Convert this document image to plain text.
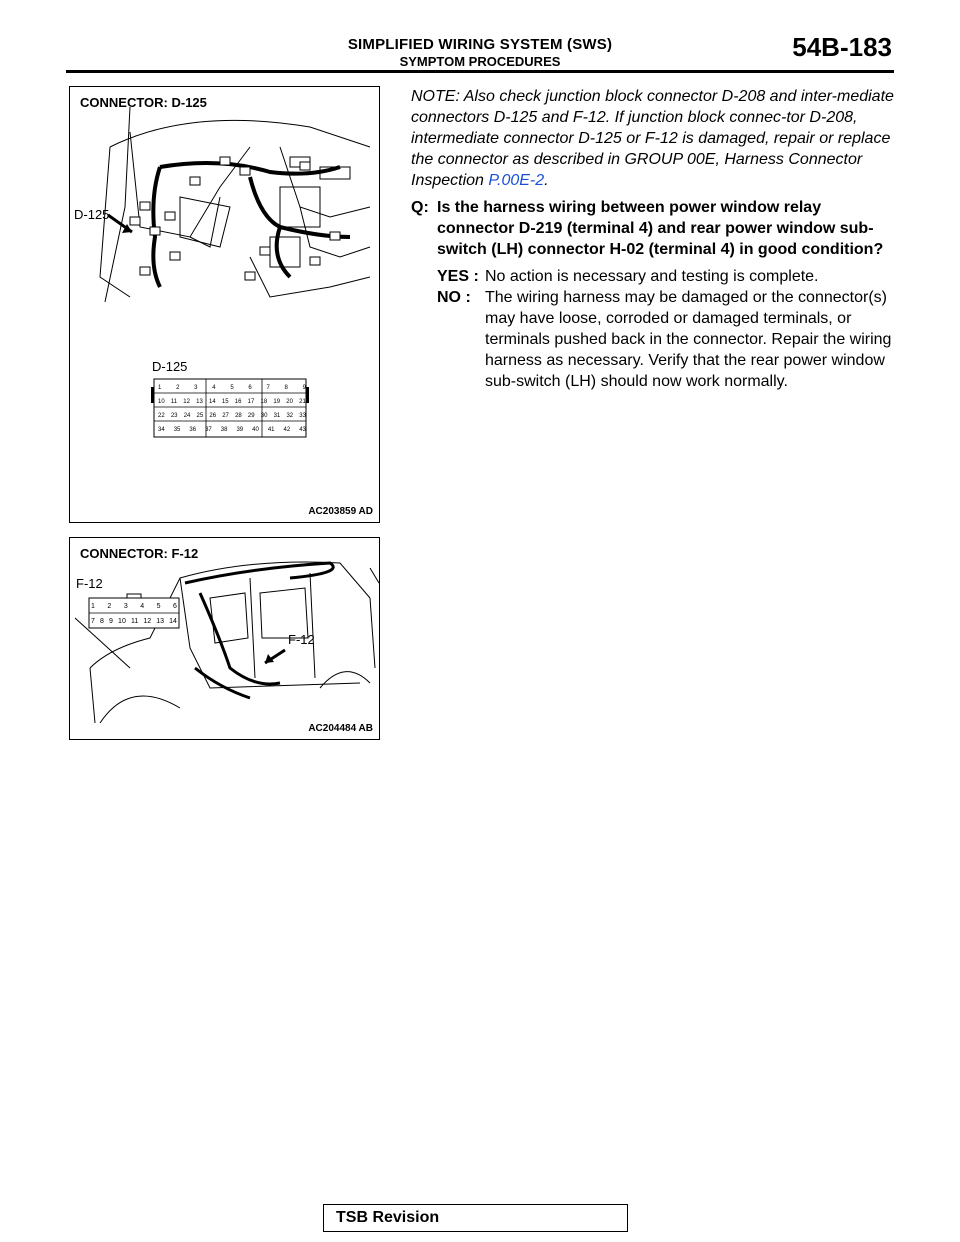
SIMPLIFIED WIRING SYSTEM (SWS)
SYMPTOM PROCEDURES	54B-183
CONNECTOR: D-125
D-125
D-125
1 2 3 4 5 6 7 8 9
10 11 12 13 14 15 16 17 18 19 20 21
22 23 24 25 26 27 28 29 30 31 32 33
34 35 36 37 38 39 40 41 42 43
AC203859 AD
CONNECTOR: F-12
F-12
F-12
1 2 3 4 5 6
7 8 9 10 11 12 13 14
AC204484 AB

NOTE: Also check junction block connector D-208 and inter-mediate connectors D-125 and F-12. If junction block connec-tor D-208, intermediate connector D-125 or F-12 is damaged, repair or replace the connector as described in GROUP 00E, Harness Connector Inspection P.00E-2.

Q: Is the harness wiring between power window relay connector D-219 (terminal 4) and rear power window sub-switch (LH) connector H-02 (terminal 4) in good condition?
YES : No action is necessary and testing is complete.
NO : The wiring harness may be damaged or the connector(s) may have loose, corroded or damaged terminals, or terminals pushed back in the connector. Repair the wiring harness as necessary. Verify that the rear power window sub-switch (LH) should now work normally.
TSB Revision
